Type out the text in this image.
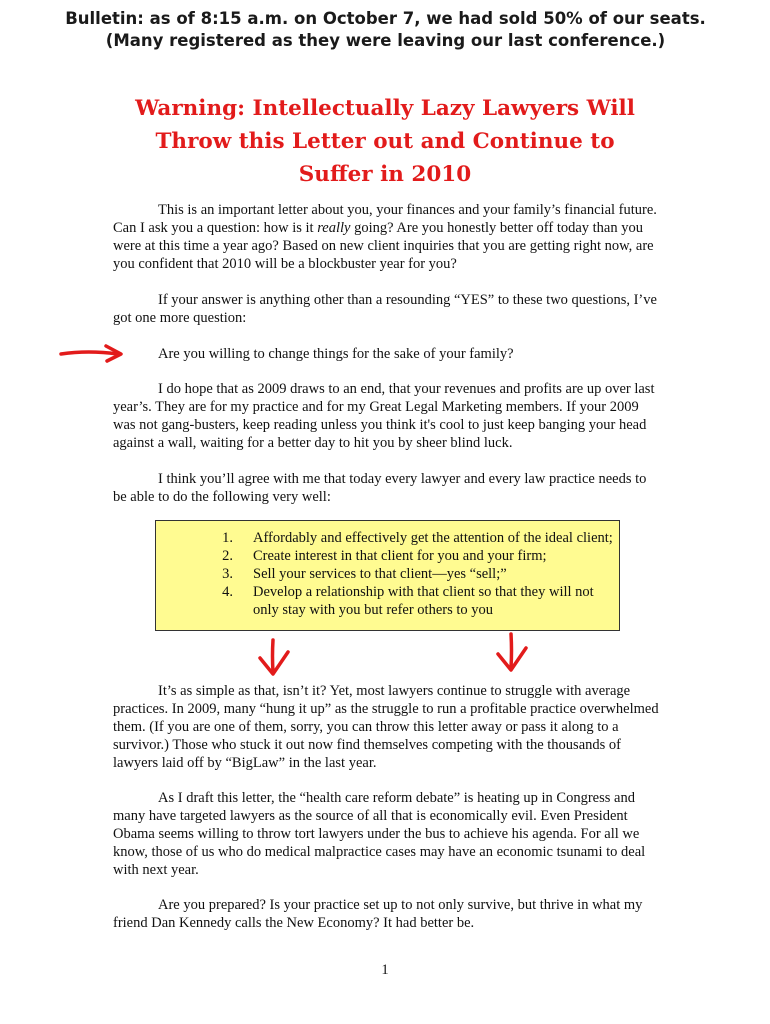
Bulletin: as of 8:15 a.m. on October 7, we had sold 50% of our seats.
(Many registered as they were leaving our last conference.)
Warning: Intellectually Lazy Lawyers Will
Throw this Letter out and Continue to
Suffer in 2010

This is an important letter about you, your finances and your family’s financial future. Can I ask you a question: how is it really going? Are you honestly better off today than you were at this time a year ago? Based on new client inquiries that you are getting right now, are you confident that 2010 will be a blockbuster year for you?

If your answer is anything other than a resounding “YES” to these two questions, I’ve got one more question:

Are you willing to change things for the sake of your family?

I do hope that as 2009 draws to an end, that your revenues and profits are up over last year’s. They are for my practice and for my Great Legal Marketing members. If your 2009 was not gang-busters, keep reading unless you think it's cool to just keep banging your head against a wall, waiting for a better day to hit you by sheer blind luck.

I think you’ll agree with me that today every lawyer and every law practice needs to be able to do the following very well:

1.	Affordably and effectively get the attention of the ideal client;
2.	Create interest in that client for you and your firm;
3.	Sell your services to that client—yes “sell;”
4.	Develop a relationship with that client so that they will not only stay with you but refer others to you

It’s as simple as that, isn’t it? Yet, most lawyers continue to struggle with average practices. In 2009, many “hung it up” as the struggle to run a profitable practice overwhelmed them. (If you are one of them, sorry, you can throw this letter away or pass it along to a survivor.) Those who stuck it out now find themselves competing with the thousands of lawyers laid off by “BigLaw” in the last year.

As I draft this letter, the “health care reform debate” is heating up in Congress and many have targeted lawyers as the source of all that is economically evil. Even President Obama seems willing to throw tort lawyers under the bus to achieve his agenda. For all we know, those of us who do medical malpractice cases may have an economic tsunami to deal with next year.

Are you prepared? Is your practice set up to not only survive, but thrive in what my friend Dan Kennedy calls the New Economy? It had better be.

1
